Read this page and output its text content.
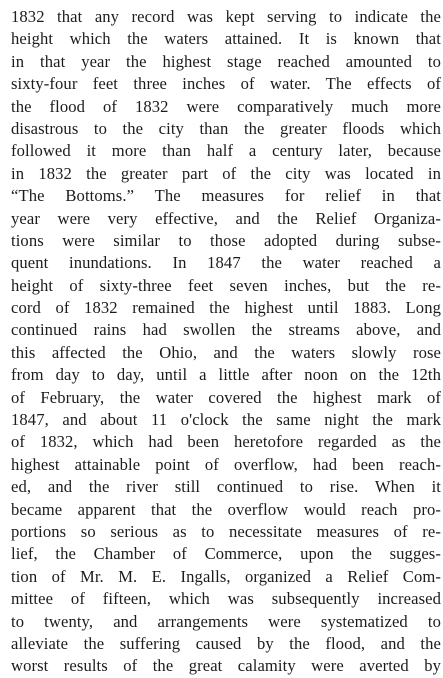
1832 that any record was kept serving to indicate the
height which the waters attained. It is known that
in that year the highest stage reached amounted to
sixty-four feet three inches of water. The effects of
the flood of 1832 were comparatively much more
disastrous to the city than the greater floods which
followed it more than half a century later, because
in 1832 the greater part of the city was located in
“The Bottoms.” The measures for relief in that
year were very effective, and the Relief Organiza-
tions were similar to those adopted during subse-
quent inundations. In 1847 the water reached a
height of sixty-three feet seven inches, but the re-
cord of 1832 remained the highest until 1883. Long
continued rains had swollen the streams above, and
this affected the Ohio, and the waters slowly rose
from day to day, until a little after noon on the 12th
of February, the water covered the highest mark of
1847, and about 11 o'clock the same night the mark
of 1832, which had been heretofore regarded as the
highest attainable point of overflow, had been reach-
ed, and the river still continued to rise. When it
became apparent that the overflow would reach pro-
portions so serious as to necessitate measures of re-
lief, the Chamber of Commerce, upon the sugges-
tion of Mr. M. E. Ingalls, organized a Relief Com-
mittee of fifteen, which was subsequently increased
to twenty, and arrangements were systematized to
alleviate the suffering caused by the flood, and the
worst results of the great calamity were averted by
